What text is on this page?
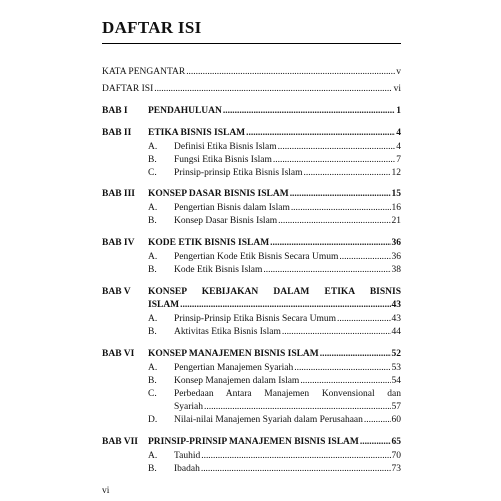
DAFTAR ISI
KATA PENGANTAR . . .	v
DAFTAR ISI . . .	vi
BAB I PENDAHULUAN . . .	1
BAB II ETIKA BISNIS ISLAM . . .	4
A. Definisi Etika Bisnis Islam . . .	4
B. Fungsi Etika Bisnis Islam . . .	7
C. Prinsip-prinsip Etika Bisnis Islam . . .	12
BAB III KONSEP DASAR BISNIS ISLAM . . .	15
A. Pengertian Bisnis dalam Islam . . .	16
B. Konsep Dasar Bisnis Islam . . .	21
BAB IV KODE ETIK BISNIS ISLAM . . .	36
A. Pengertian Kode Etik Bisnis Secara Umum . . .	36
B. Kode Etik Bisnis Islam . . .	38
BAB V KONSEP KEBIJAKAN DALAM ETIKA BISNIS
ISLAM . . .	43
A. Prinsip-Prinsip Etika Bisnis Secara Umum . . .	43
B. Aktivitas Etika Bisnis Islam . . .	44
BAB VI KONSEP MANAJEMEN BISNIS ISLAM . . .	52
A. Pengertian Manajemen Syariah . . .	53
B. Konsep Manajemen dalam Islam . . .	54
C. Perbedaan Antara Manajemen Konvensional dan
Syariah . . .	57
D. Nilai-nilai Manajemen Syariah dalam Perusahaan . . .	60
BAB VII PRINSIP-PRINSIP MANAJEMEN BISNIS ISLAM . . .	65
A. Tauhid . . .	70
B. Ibadah . . .	73
vi
